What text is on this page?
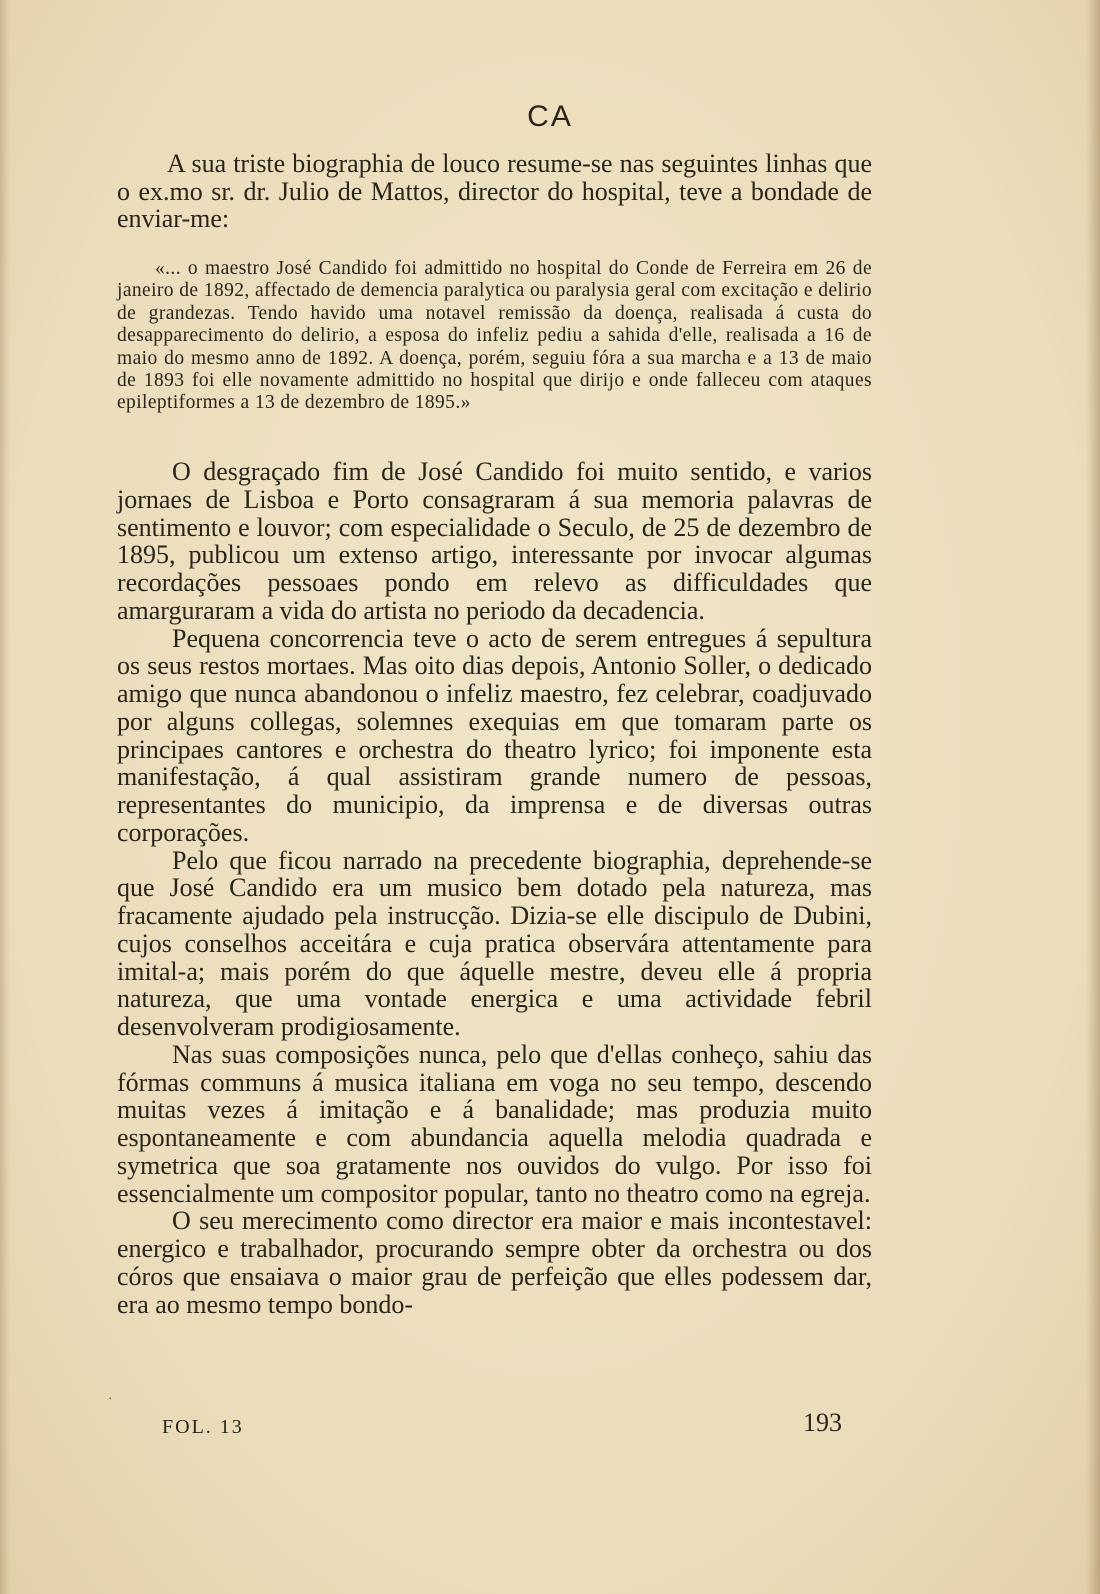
CA

A sua triste biographia de louco resume-se nas seguintes linhas que o ex.mo sr. dr. Julio de Mattos, director do hospital, teve a bondade de enviar-me:

«... o maestro José Candido foi admittido no hospital do Conde de Ferreira em 26 de janeiro de 1892, affectado de demencia paralytica ou paralysia geral com excitação e delirio de grandezas. Tendo havido uma notavel remissão da doença, realisada á custa do desapparecimento do delirio, a esposa do infeliz pediu a sahida d'elle, realisada a 16 de maio do mesmo anno de 1892. A doença, porém, seguiu fóra a sua marcha e a 13 de maio de 1893 foi elle novamente admittido no hospital que dirijo e onde falleceu com ataques epileptiformes a 13 de dezembro de 1895.»

O desgraçado fim de José Candido foi muito sentido, e varios jornaes de Lisboa e Porto consagraram á sua memoria palavras de sentimento e louvor; com especialidade o Seculo, de 25 de dezembro de 1895, publicou um extenso artigo, interessante por invocar algumas recordações pessoaes pondo em relevo as difficuldades que amarguraram a vida do artista no periodo da decadencia.

Pequena concorrencia teve o acto de serem entregues á sepultura os seus restos mortaes. Mas oito dias depois, Antonio Soller, o dedicado amigo que nunca abandonou o infeliz maestro, fez celebrar, coadjuvado por alguns collegas, solemnes exequias em que tomaram parte os principaes cantores e orchestra do theatro lyrico; foi imponente esta manifestação, á qual assistiram grande numero de pessoas, representantes do municipio, da imprensa e de diversas outras corporações.

Pelo que ficou narrado na precedente biographia, deprehende-se que José Candido era um musico bem dotado pela natureza, mas fracamente ajudado pela instrucção. Dizia-se elle discipulo de Dubini, cujos conselhos acceitára e cuja pratica observára attentamente para imital-a; mais porém do que áquelle mestre, deveu elle á propria natureza, que uma vontade energica e uma actividade febril desenvolveram prodigiosamente.

Nas suas composições nunca, pelo que d'ellas conheço, sahiu das fórmas communs á musica italiana em voga no seu tempo, descendo muitas vezes á imitação e á banalidade; mas produzia muito espontaneamente e com abundancia aquella melodia quadrada e symetrica que soa gratamente nos ouvidos do vulgo. Por isso foi essencialmente um compositor popular, tanto no theatro como na egreja.

O seu merecimento como director era maior e mais incontestavel: energico e trabalhador, procurando sempre obter da orchestra ou dos córos que ensaiava o maior grau de perfeição que elles podessem dar, era ao mesmo tempo bondo-

·
FOL. 13	193
